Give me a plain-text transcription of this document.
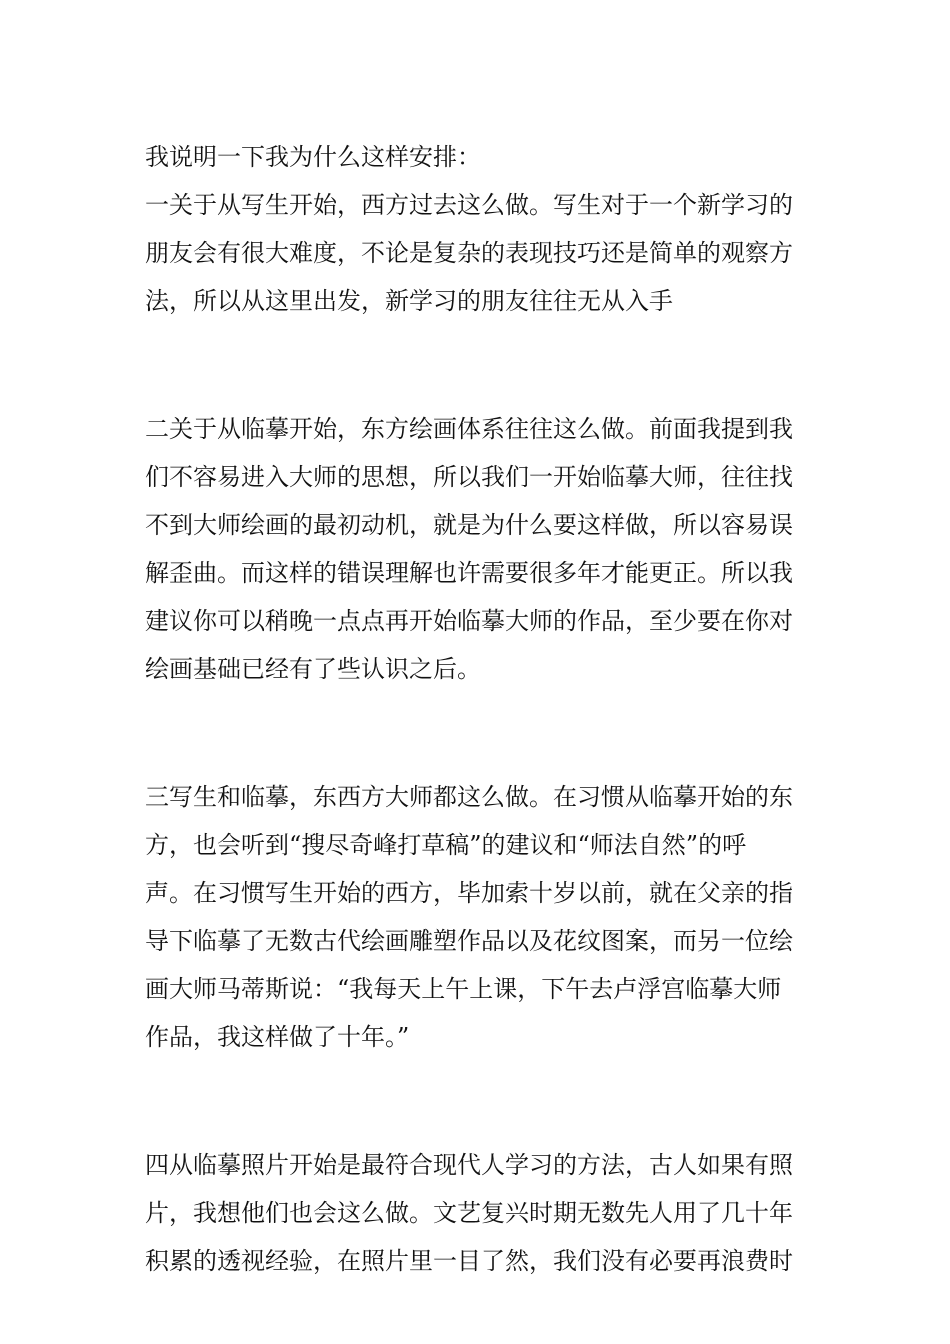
我说明一下我为什么这样安排：
一关于从写生开始，西方过去这么做。写生对于一个新学习的
朋友会有很大难度，不论是复杂的表现技巧还是简单的观察方
法，所以从这里出发，新学习的朋友往往无从入手
二关于从临摹开始，东方绘画体系往往这么做。前面我提到我
们不容易进入大师的思想，所以我们一开始临摹大师，往往找
不到大师绘画的最初动机，就是为什么要这样做，所以容易误
解歪曲。而这样的错误理解也许需要很多年才能更正。所以我
建议你可以稍晚一点点再开始临摹大师的作品，至少要在你对
绘画基础已经有了些认识之后。
三写生和临摹，东西方大师都这么做。在习惯从临摹开始的东
方，也会听到“搜尽奇峰打草稿”的建议和“师法自然”的呼
声。在习惯写生开始的西方，毕加索十岁以前，就在父亲的指
导下临摹了无数古代绘画雕塑作品以及花纹图案，而另一位绘
画大师马蒂斯说：“我每天上午上课，下午去卢浮宫临摹大师
作品，我这样做了十年。”
四从临摹照片开始是最符合现代人学习的方法，古人如果有照
片，我想他们也会这么做。文艺复兴时期无数先人用了几十年
积累的透视经验，在照片里一目了然，我们没有必要再浪费时
